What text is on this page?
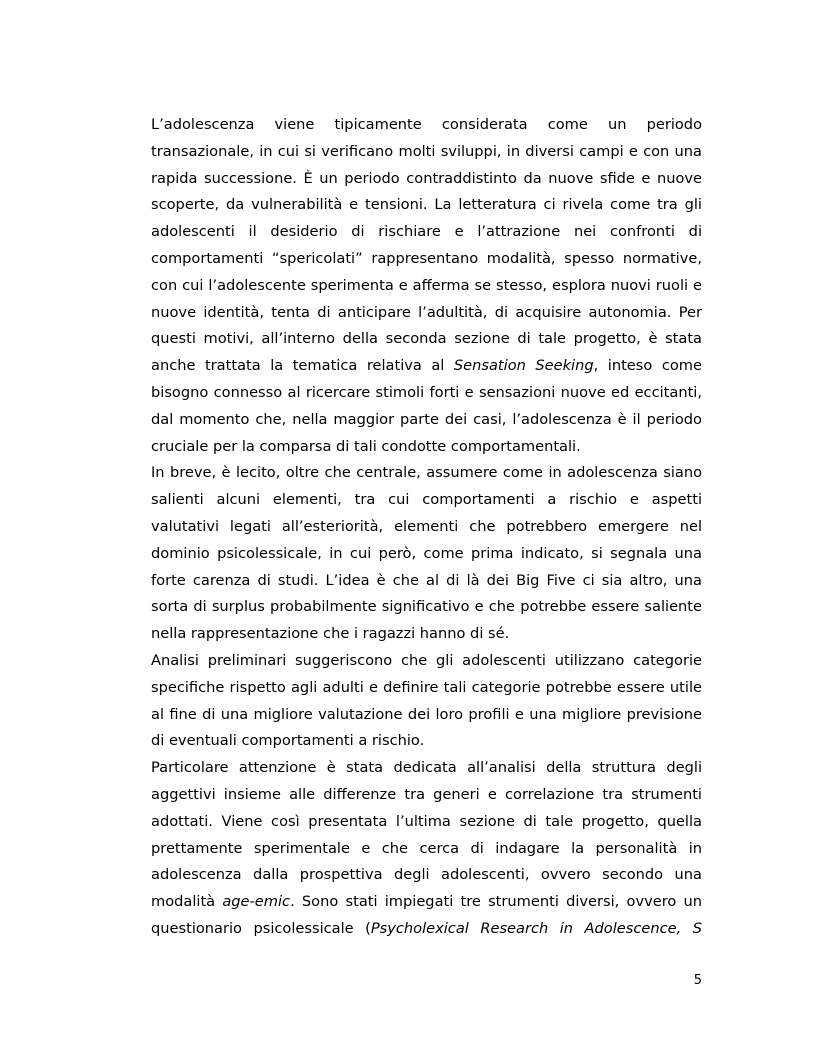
L’adolescenza viene tipicamente considerata come un periodo
transazionale, in cui si verificano molti sviluppi, in diversi campi e con una
rapida successione. È un periodo contraddistinto da nuove sfide e nuove
scoperte, da vulnerabilità e tensioni. La letteratura ci rivela come tra gli
adolescenti il desiderio di rischiare e l’attrazione nei confronti di
comportamenti “spericolati” rappresentano modalità, spesso normative,
con cui l’adolescente sperimenta e afferma se stesso, esplora nuovi ruoli e
nuove identità, tenta di anticipare l’adultità, di acquisire autonomia. Per
questi motivi, all’interno della seconda sezione di tale progetto, è stata
anche trattata la tematica relativa al Sensation Seeking, inteso come
bisogno connesso al ricercare stimoli forti e sensazioni nuove ed eccitanti,
dal momento che, nella maggior parte dei casi, l’adolescenza è il periodo
cruciale per la comparsa di tali condotte comportamentali.
In breve, è lecito, oltre che centrale, assumere come in adolescenza siano
salienti alcuni elementi, tra cui comportamenti a rischio e aspetti
valutativi legati all’esteriorità, elementi che potrebbero emergere nel
dominio psicolessicale, in cui però, come prima indicato, si segnala una
forte carenza di studi. L’idea è che al di là dei Big Five ci sia altro, una
sorta di surplus probabilmente significativo e che potrebbe essere saliente
nella rappresentazione che i ragazzi hanno di sé.
Analisi preliminari suggeriscono che gli adolescenti utilizzano categorie
specifiche rispetto agli adulti e definire tali categorie potrebbe essere utile
al fine di una migliore valutazione dei loro profili e una migliore previsione
di eventuali comportamenti a rischio.
Particolare attenzione è stata dedicata all’analisi della struttura degli
aggettivi insieme alle differenze tra generi e correlazione tra strumenti
adottati. Viene così presentata l’ultima sezione di tale progetto, quella
prettamente sperimentale e che cerca di indagare la personalità in
adolescenza dalla prospettiva degli adolescenti, ovvero secondo una
modalità age-emic. Sono stati impiegati tre strumenti diversi, ovvero un
questionario psicolessicale (Psycholexical Research in Adolescence, S
5
